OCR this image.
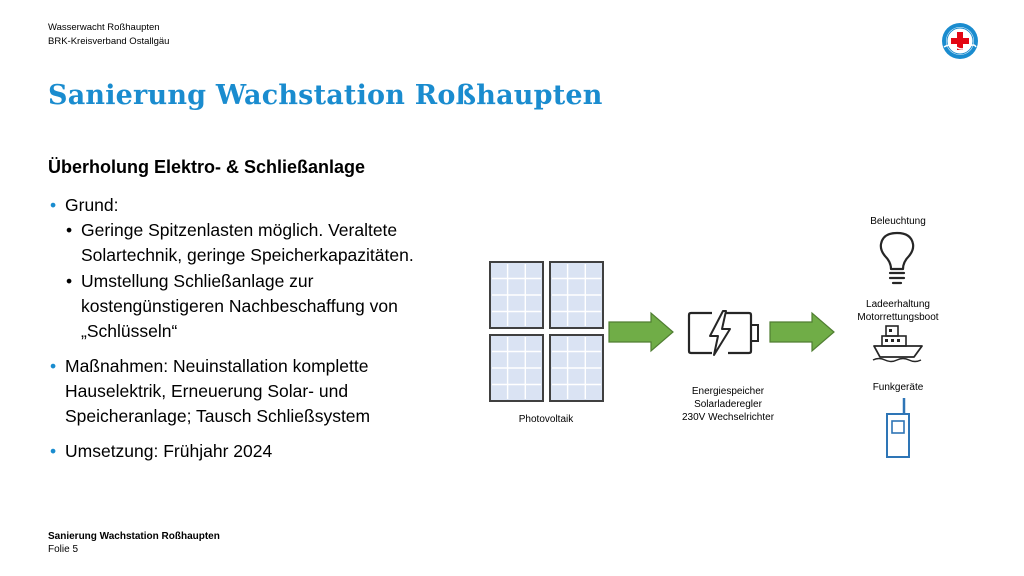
Wasserwacht Roßhaupten
BRK-Kreisverband Ostallgäu
Sanierung Wachstation Roßhaupten
Überholung Elektro- & Schließanlage
• Grund:
• Geringe Spitzenlasten möglich. Veraltete
Solartechnik, geringe Speicherkapazitäten.
• Umstellung Schließanlage zur
kostengünstigeren Nachbeschaffung von
„Schlüsseln“
• Maßnahmen: Neuinstallation komplette
Hauselektrik, Erneuerung Solar- und
Speicheranlage; Tausch Schließsystem
• Umsetzung: Frühjahr 2024
Photovoltaik
Energiespeicher
Solarladeregler
230V Wechselrichter
Beleuchtung
Ladeerhaltung
Motorrettungsboot
Funkgeräte
Sanierung Wachstation Roßhaupten
Folie 5
